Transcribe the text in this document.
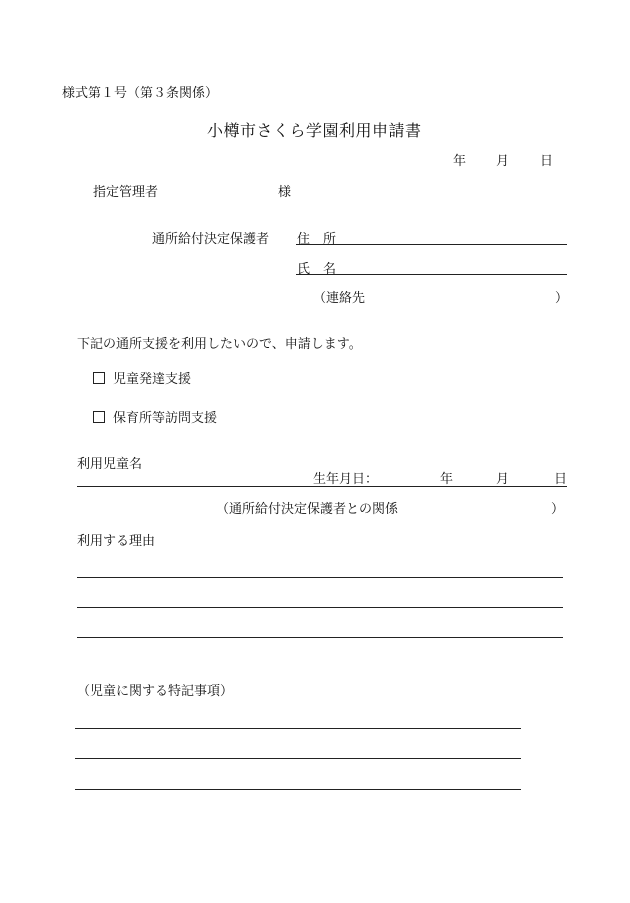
様式第１号（第３条関係）
小樽市さくら学園利用申請書
年 月 日
指定管理者	様
通所給付決定保護者 住　所
氏　名
（連絡先	）
下記の通所支援を利用したいので、申請します。
児童発達支援
保育所等訪問支援
利用児童名
生年月日：	年	月	日
（通所給付決定保護者との関係	）
利用する理由
（児童に関する特記事項）
